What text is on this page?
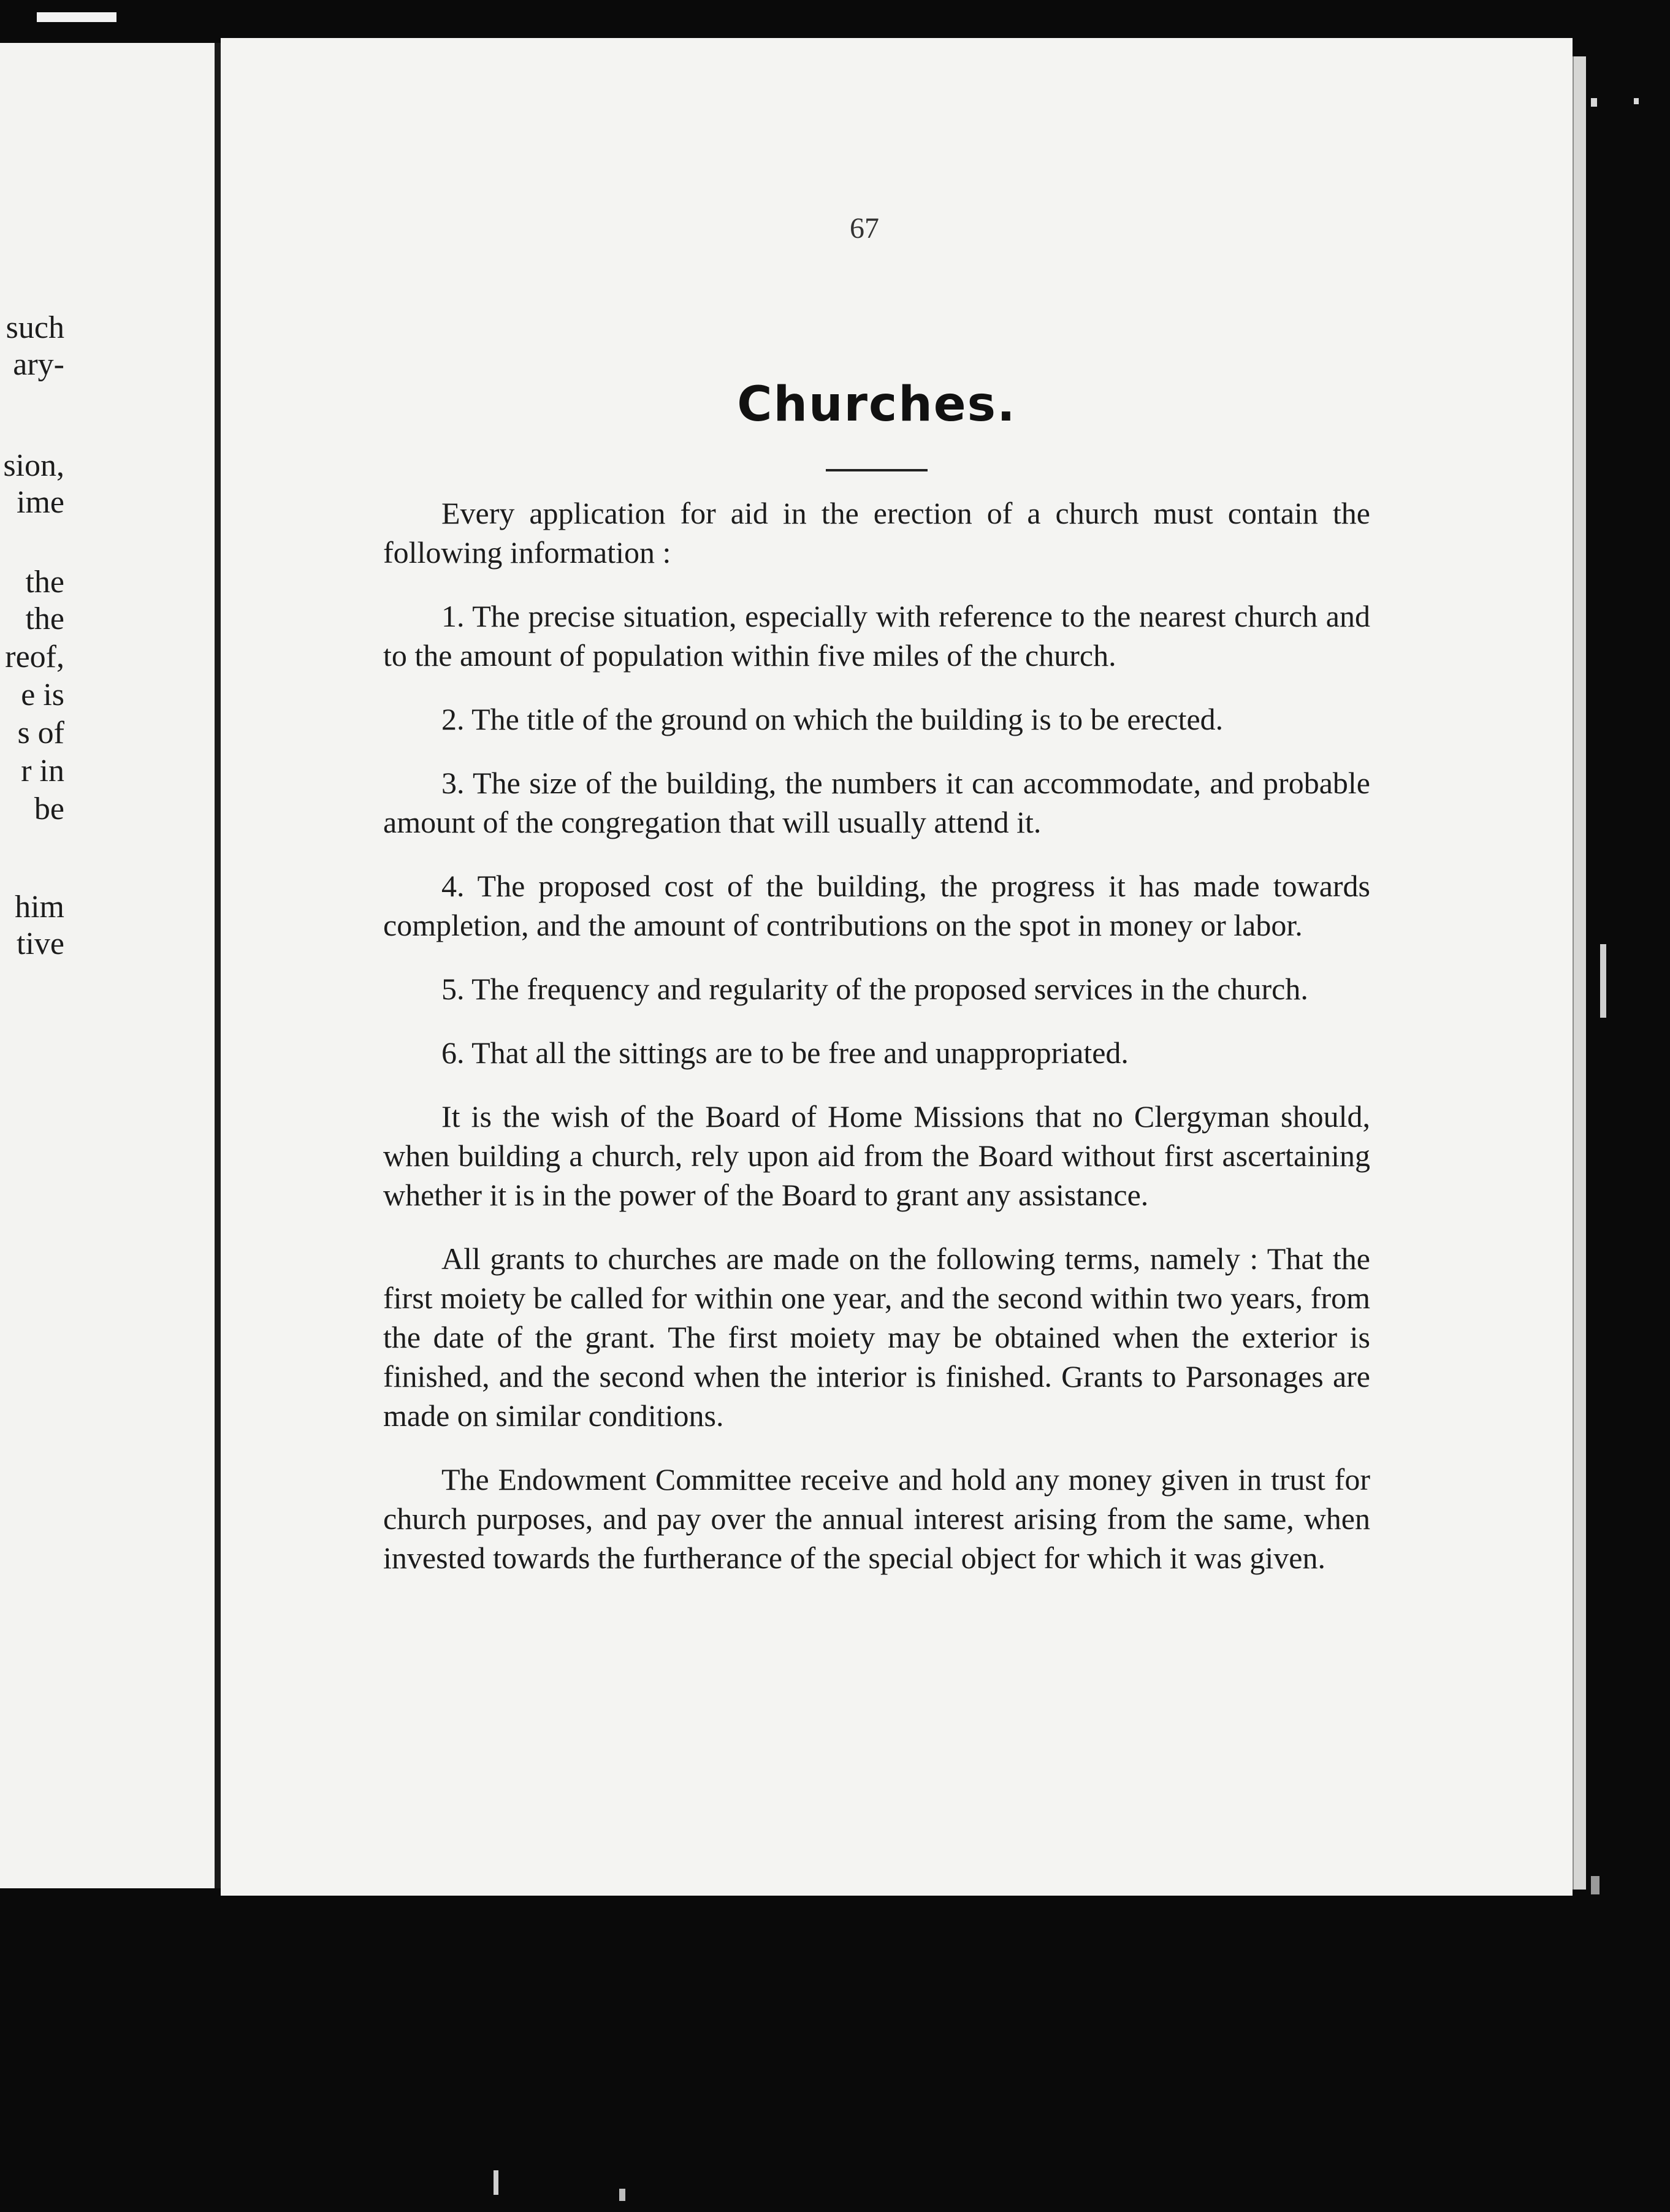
such
ary-
sion,
ime
the
the
reof,
e is
s of
r in
be
him
tive
67
Churches.

Every application for aid in the erection of a church must contain the following information :

1. The precise situation, especially with reference to the nearest church and to the amount of population within five miles of the church.

2. The title of the ground on which the building is to be erected.

3. The size of the building, the numbers it can accommodate, and probable amount of the congregation that will usually attend it.

4. The proposed cost of the building, the progress it has made towards completion, and the amount of contributions on the spot in money or labor.

5. The frequency and regularity of the proposed services in the church.

6. That all the sittings are to be free and unappropriated.

It is the wish of the Board of Home Missions that no Clergyman should, when building a church, rely upon aid from the Board without first ascertaining whether it is in the power of the Board to grant any assistance.

All grants to churches are made on the following terms, namely : That the first moiety be called for within one year, and the second within two years, from the date of the grant. The first moiety may be obtained when the exterior is finished, and the second when the interior is finished. Grants to Parsonages are made on similar conditions.

The Endowment Committee receive and hold any money given in trust for church purposes, and pay over the annual interest arising from the same, when invested towards the furtherance of the special object for which it was given.
